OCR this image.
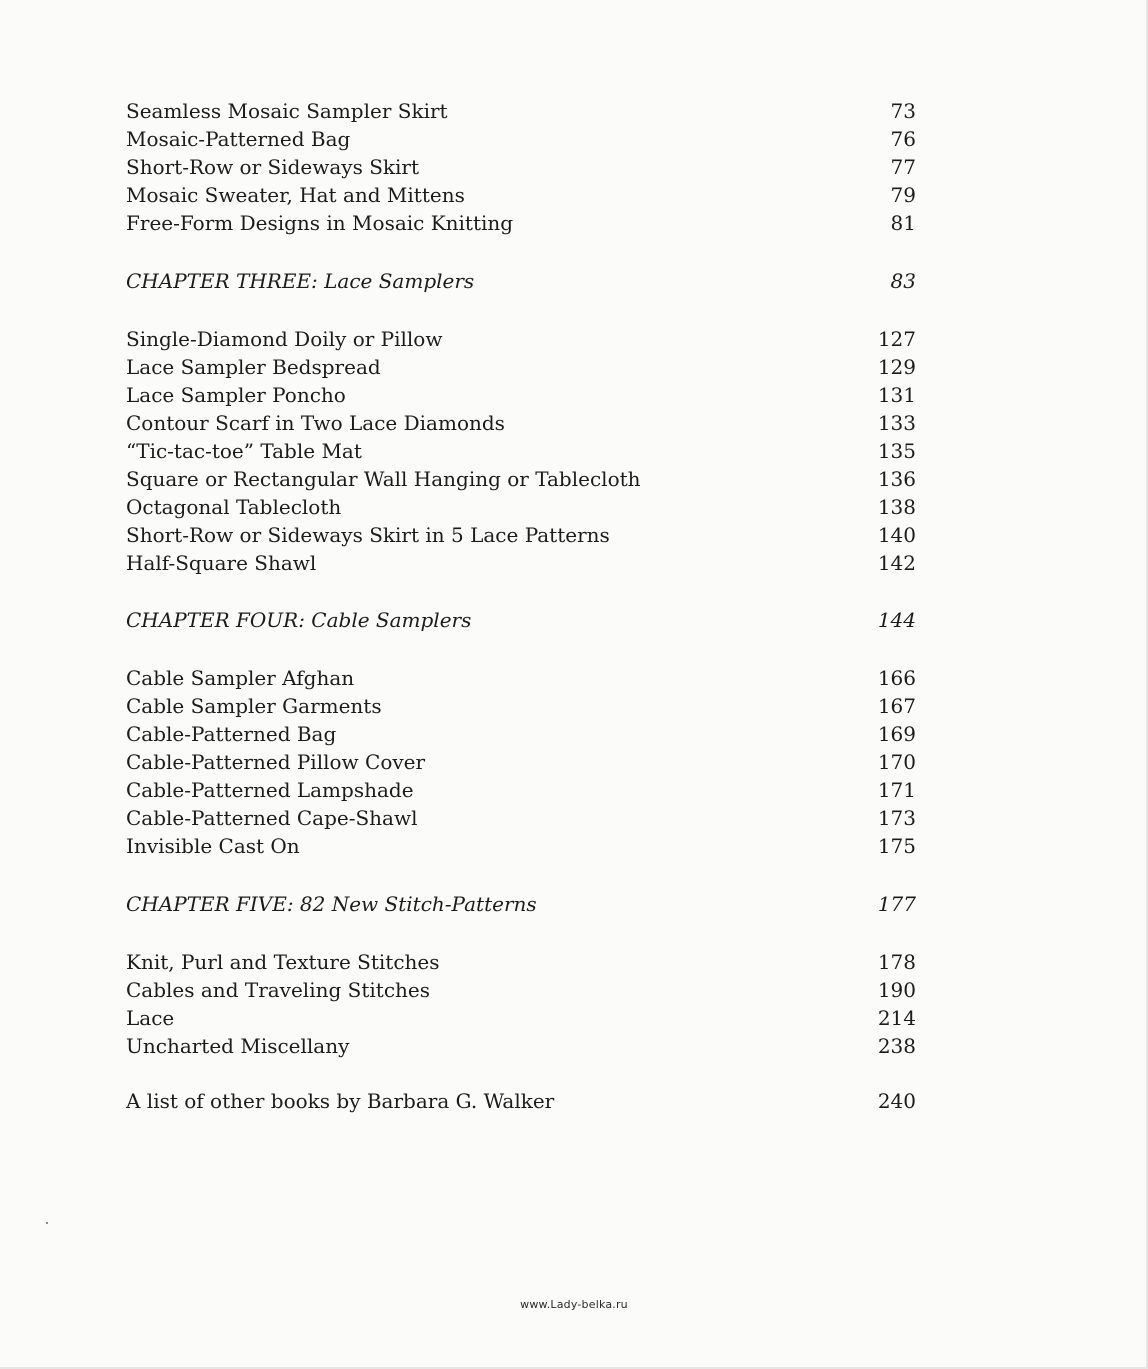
Seamless Mosaic Sampler Skirt	73
Mosaic-Patterned Bag	76
Short-Row or Sideways Skirt	77
Mosaic Sweater, Hat and Mittens	79
Free-Form Designs in Mosaic Knitting	81
CHAPTER THREE: Lace Samplers	83
Single-Diamond Doily or Pillow	127
Lace Sampler Bedspread	129
Lace Sampler Poncho	131
Contour Scarf in Two Lace Diamonds	133
“Tic-tac-toe” Table Mat	135
Square or Rectangular Wall Hanging or Tablecloth	136
Octagonal Tablecloth	138
Short-Row or Sideways Skirt in 5 Lace Patterns	140
Half-Square Shawl	142
CHAPTER FOUR: Cable Samplers	144
Cable Sampler Afghan	166
Cable Sampler Garments	167
Cable-Patterned Bag	169
Cable-Patterned Pillow Cover	170
Cable-Patterned Lampshade	171
Cable-Patterned Cape-Shawl	173
Invisible Cast On	175
CHAPTER FIVE: 82 New Stitch-Patterns	177
Knit, Purl and Texture Stitches	178
Cables and Traveling Stitches	190
Lace	214
Uncharted Miscellany	238
A list of other books by Barbara G. Walker	240
www.Lady-belka.ru
